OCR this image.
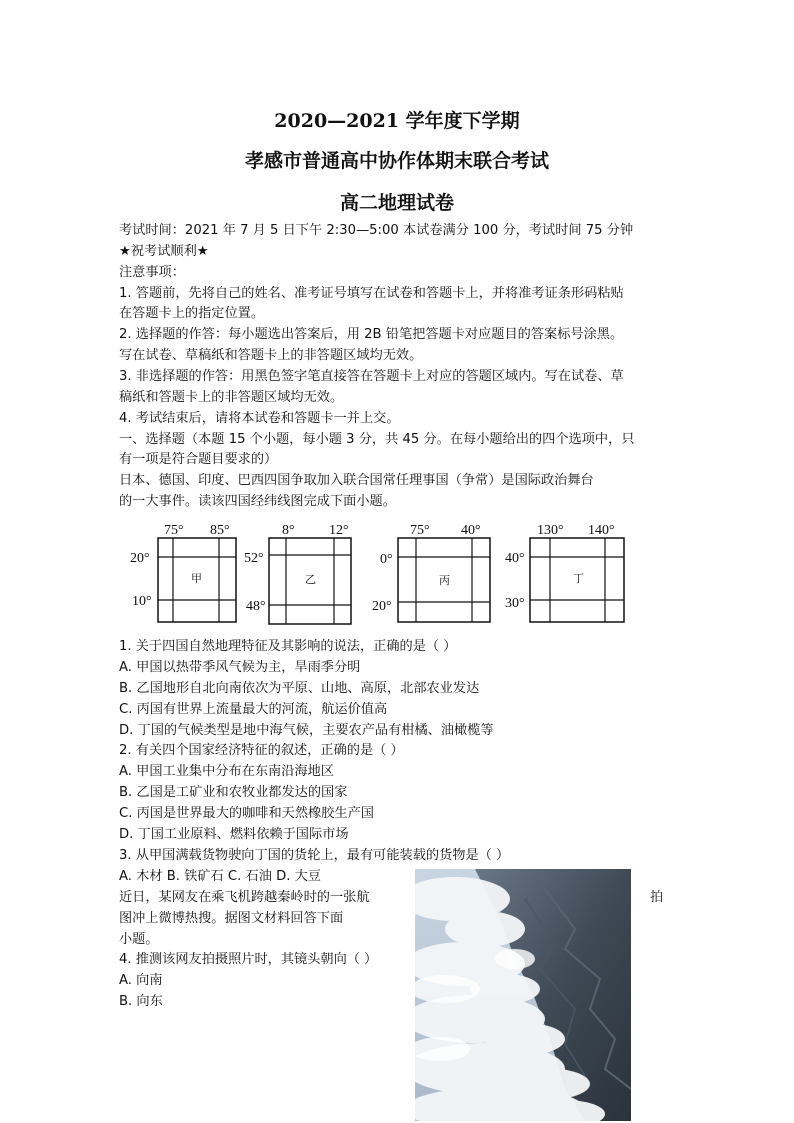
2020—2021 学年度下学期
孝感市普通高中协作体期末联合考试
高二地理试卷
考试时间：2021 年 7 月 5 日下午 2:30—5:00 本试卷满分 100 分，考试时间 75 分钟
★祝考试顺利★
注意事项：
1. 答题前，先将自己的姓名、准考证号填写在试卷和答题卡上，并将准考证条形码粘贴
在答题卡上的指定位置。
2. 选择题的作答：每小题选出答案后，用 2B 铅笔把答题卡对应题目的答案标号涂黑。
写在试卷、草稿纸和答题卡上的非答题区域均无效。
3. 非选择题的作答：用黑色签字笔直接答在答题卡上对应的答题区域内。写在试卷、草
稿纸和答题卡上的非答题区域均无效。
4. 考试结束后，请将本试卷和答题卡一并上交。
一、选择题（本题 15 个小题，每小题 3 分，共 45 分。在每小题给出的四个选项中，只
有一项是符合题目要求的）
日本、德国、印度、巴西四国争取加入联合国常任理事国（争常）是国际政治舞台
的一大事件。读该四国经纬线图完成下面小题。
75° 85°
20°
10°
甲
8° 12°
52°
48°
乙
75° 40°
0°
20°
丙
130° 140°
40°
30°
丁
1. 关于四国自然地理特征及其影响的说法，正确的是（ ）
A. 甲国以热带季风气候为主，旱雨季分明
B. 乙国地形自北向南依次为平原、山地、高原，北部农业发达
C. 丙国有世界上流量最大的河流，航运价值高
D. 丁国的气候类型是地中海气候，主要农产品有柑橘、油橄榄等
2. 有关四个国家经济特征的叙述，正确的是（ ）
A. 甲国工业集中分布在东南沿海地区
B. 乙国是工矿业和农牧业都发达的国家
C. 丙国是世界最大的咖啡和天然橡胶生产国
D. 丁国工业原料、燃料依赖于国际市场
3. 从甲国满载货物驶向丁国的货轮上，最有可能装载的货物是（ ）
A. 木材 B. 铁矿石 C. 石油 D. 大豆
近日，某网友在乘飞机跨越秦岭时的一张航	拍
图冲上微博热搜。据图文材料回答下面
小题。
4. 推测该网友拍摄照片时，其镜头朝向（ ）
A. 向南
B. 向东
